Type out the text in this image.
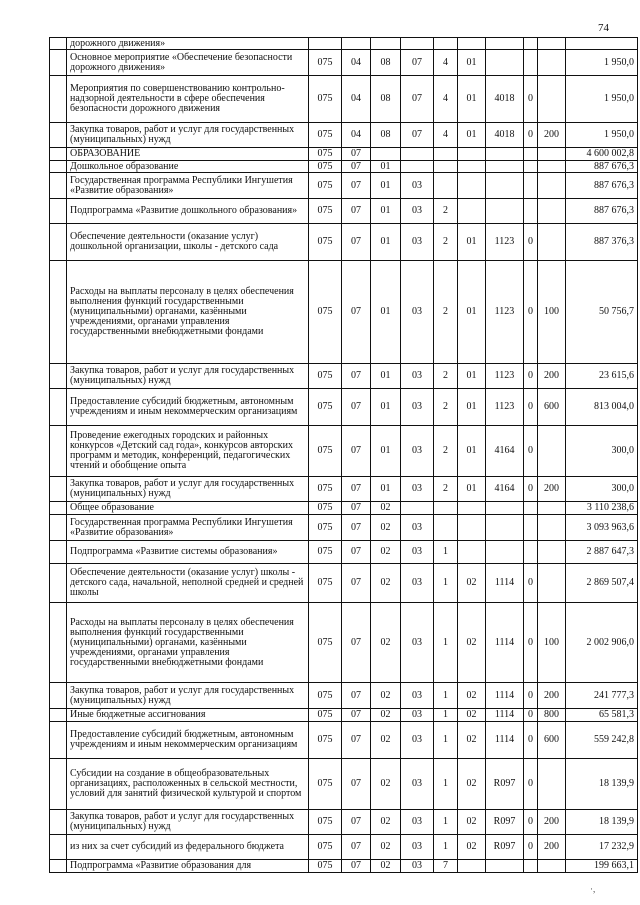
74
·,
	дорожного движения»										
	Основное мероприятие «Обеспечение безопасности дорожного движения»	075	04	08	07	4	01				1 950,0
	Мероприятия по совершенствованию контрольно-надзорной деятельности в сфере обеспечения безопасности дорожного движения	075	04	08	07	4	01	4018	0		1 950,0
	Закупка товаров, работ и услуг для государственных (муниципальных) нужд	075	04	08	07	4	01	4018	0	200	1 950,0
	ОБРАЗОВАНИЕ	075	07								4 600 002,8
	Дошкольное образование	075	07	01							887 676,3
	Государственная программа Республики Ингушетия «Развитие образования»	075	07	01	03						887 676,3
	Подпрограмма «Развитие дошкольного образования»	075	07	01	03	2					887 676,3
	Обеспечение деятельности (оказание услуг) дошкольной организации, школы - детского сада	075	07	01	03	2	01	1123	0		887 376,3
	Расходы на выплаты персоналу в целях обеспечения выполнения функций государственными (муниципальными) органами, казёнными учреждениями, органами управления государственными внебюджетными фондами	075	07	01	03	2	01	1123	0	100	50 756,7
	Закупка товаров, работ и услуг для государственных (муниципальных) нужд	075	07	01	03	2	01	1123	0	200	23 615,6
	Предоставление субсидий бюджетным, автономным учреждениям и иным некоммерческим организациям	075	07	01	03	2	01	1123	0	600	813 004,0
	Проведение ежегодных городских и районных конкурсов «Детский сад года», конкурсов авторских программ и методик, конференций, педагогических чтений и обобщение опыта	075	07	01	03	2	01	4164	0		300,0
	Закупка товаров, работ и услуг для государственных (муниципальных) нужд	075	07	01	03	2	01	4164	0	200	300,0
	Общее образование	075	07	02							3 110 238,6
	Государственная программа Республики Ингушетия «Развитие образования»	075	07	02	03						3 093 963,6
	Подпрограмма «Развитие системы образования»	075	07	02	03	1					2 887 647,3
	Обеспечение деятельности (оказание услуг) школы - детского сада, начальной, неполной средней и средней школы	075	07	02	03	1	02	1114	0		2 869 507,4
	Расходы на выплаты персоналу в целях обеспечения выполнения функций государственными (муниципальными) органами, казёнными учреждениями, органами управления государственными внебюджетными фондами	075	07	02	03	1	02	1114	0	100	2 002 906,0
	Закупка товаров, работ и услуг для государственных (муниципальных) нужд	075	07	02	03	1	02	1114	0	200	241 777,3
	Иные бюджетные ассигнования	075	07	02	03	1	02	1114	0	800	65 581,3
	Предоставление субсидий бюджетным, автономным учреждениям и иным некоммерческим организациям	075	07	02	03	1	02	1114	0	600	559 242,8
	Субсидии на создание в общеобразовательных организациях, расположенных в сельской местности, условий для занятий физической культурой и спортом	075	07	02	03	1	02	R097	0		18 139,9
	Закупка товаров, работ и услуг для государственных (муниципальных) нужд	075	07	02	03	1	02	R097	0	200	18 139,9
	из них за счет субсидий из федерального бюджета	075	07	02	03	1	02	R097	0	200	17 232,9
	Подпрограмма «Развитие образования для	075	07	02	03	7					199 663,1
